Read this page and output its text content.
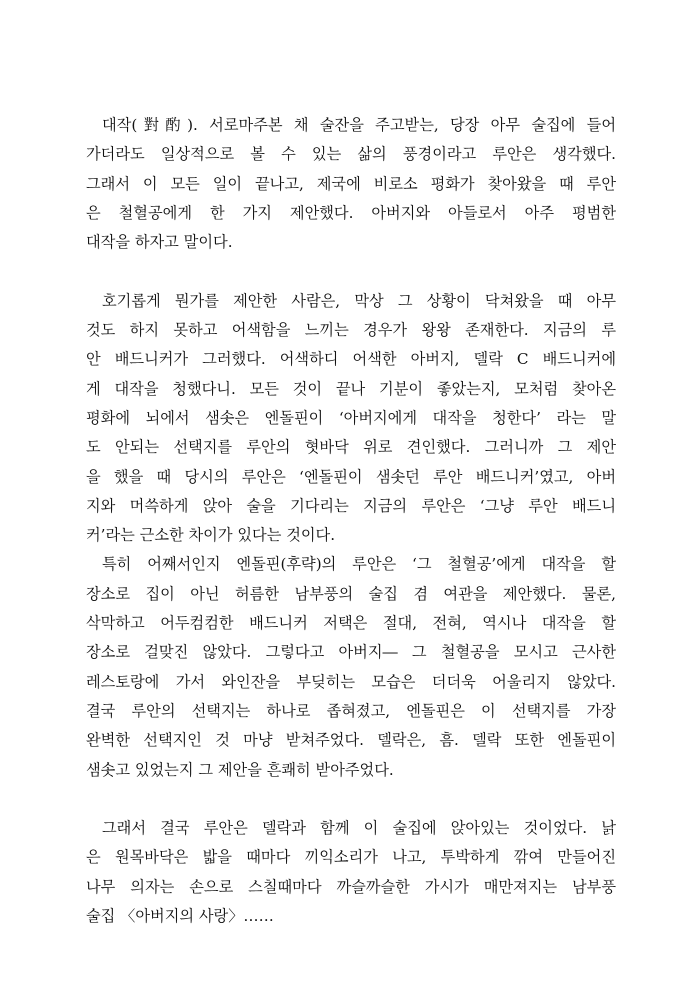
대작(對酌). 서로마주본 채 술잔을 주고받는, 당장 아무 술집에 들어
가더라도 일상적으로 볼 수 있는 삶의 풍경이라고 루안은 생각했다.
그래서 이 모든 일이 끝나고, 제국에 비로소 평화가 찾아왔을 때 루안
은 철혈공에게 한 가지 제안했다. 아버지와 아들로서 아주 평범한
대작을 하자고 말이다.
호기롭게 뭔가를 제안한 사람은, 막상 그 상황이 닥쳐왔을 때 아무
것도 하지 못하고 어색함을 느끼는 경우가 왕왕 존재한다. 지금의 루
안 배드니커가 그러했다. 어색하디 어색한 아버지, 델락 C 배드니커에
게 대작을 청했다니. 모든 것이 끝나 기분이 좋았는지, 모처럼 찾아온
평화에 뇌에서 샘솟은 엔돌핀이 ‘아버지에게 대작을 청한다’ 라는 말
도 안되는 선택지를 루안의 혓바닥 위로 견인했다. 그러니까 그 제안
을 했을 때 당시의 루안은 ‘엔돌핀이 샘솟던 루안 배드니커’였고, 아버
지와 머쓱하게 앉아 술을 기다리는 지금의 루안은 ‘그냥 루안 배드니
커’라는 근소한 차이가 있다는 것이다.
특히 어째서인지 엔돌핀(후략)의 루안은 ‘그 철혈공’에게 대작을 할
장소로 집이 아닌 허름한 남부풍의 술집 겸 여관을 제안했다. 물론,
삭막하고 어두컴컴한 배드니커 저택은 절대, 전혀, 역시나 대작을 할
장소로 걸맞진 않았다. 그렇다고 아버지― 그 철혈공을 모시고 근사한
레스토랑에 가서 와인잔을 부딪히는 모습은 더더욱 어울리지 않았다.
결국 루안의 선택지는 하나로 좁혀졌고, 엔돌핀은 이 선택지를 가장
완벽한 선택지인 것 마냥 받쳐주었다. 델락은, 흠. 델락 또한 엔돌핀이
샘솟고 있었는지 그 제안을 흔쾌히 받아주었다.
그래서 결국 루안은 델락과 함께 이 술집에 앉아있는 것이었다. 낡
은 원목바닥은 밟을 때마다 끼익소리가 나고, 투박하게 깎여 만들어진
나무 의자는 손으로 스칠때마다 까슬까슬한 가시가 매만져지는 남부풍
술집 〈아버지의 사랑〉……
